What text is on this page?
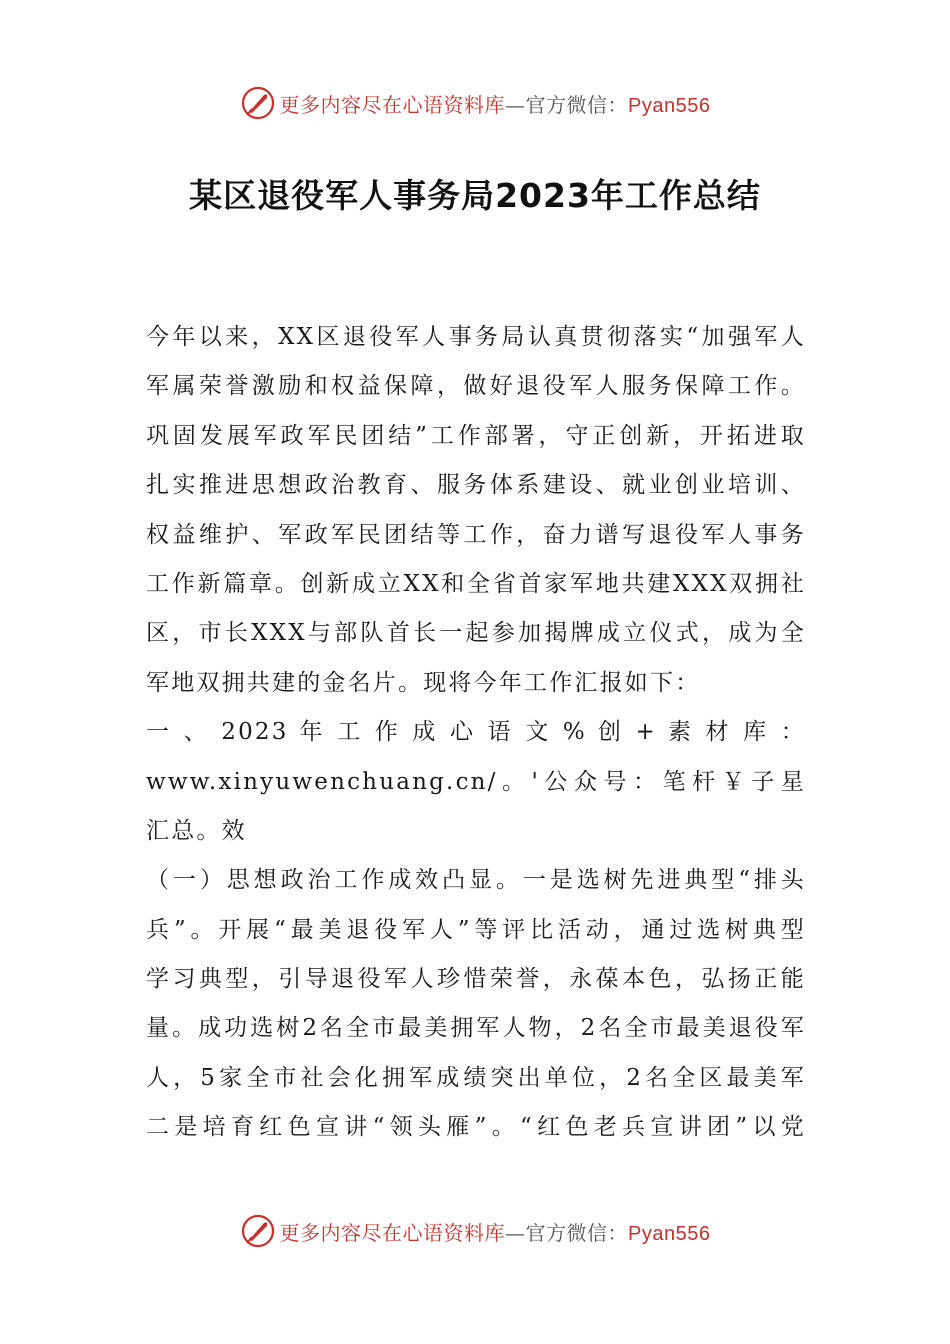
更多内容尽在心语资料库—官方微信：Pyan556
某区退役军人事务局2023年工作总结
今年以来，XX区退役军人事务局认真贯彻落实“加强军人
军属荣誉激励和权益保障，做好退役军人服务保障工作。
巩固发展军政军民团结”工作部署，守正创新，开拓进取
扎实推进思想政治教育、服务体系建设、就业创业培训、
权益维护、军政军民团结等工作，奋力谱写退役军人事务
工作新篇章。创新成立XX和全省首家军地共建XXX双拥社
区，市长XXX与部队首长一起参加揭牌成立仪式，成为全
军地双拥共建的金名片。现将今年工作汇报如下：
一 、 2023 年 工 作 成 心 语 文 % 创 + 素 材 库 ：
www.xinyuwenchuang.cn/。'公众号：笔杆￥子星
汇总。效
（一）思想政治工作成效凸显。一是选树先进典型“排头
兵”。开展“最美退役军人”等评比活动，通过选树典型
学习典型，引导退役军人珍惜荣誉，永葆本色，弘扬正能
量。成功选树2名全市最美拥军人物，2名全市最美退役军
人，5家全市社会化拥军成绩突出单位，2名全区最美军
二是培育红色宣讲“领头雁”。“红色老兵宣讲团”以党
更多内容尽在心语资料库—官方微信：Pyan556
